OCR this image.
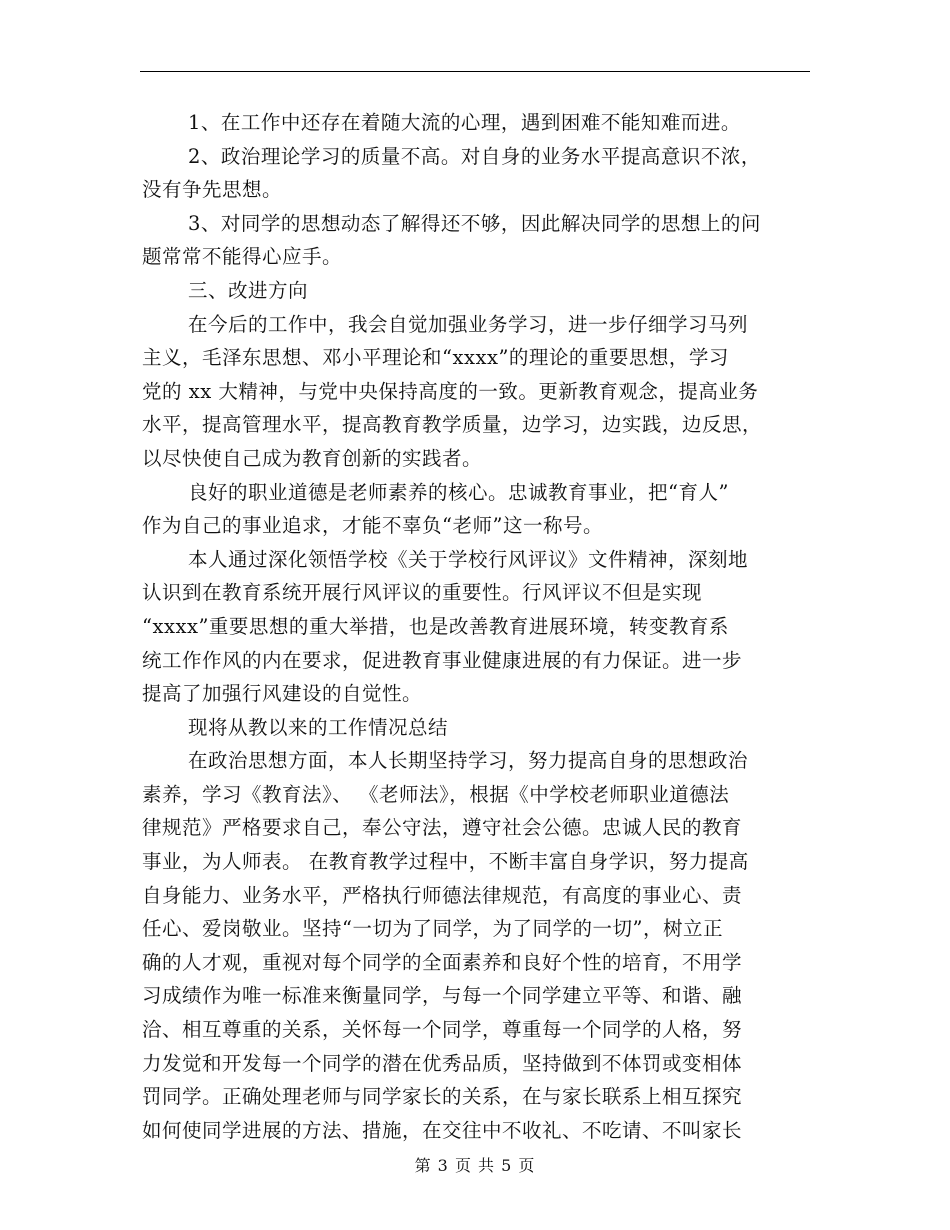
1、在工作中还存在着随大流的心理，遇到困难不能知难而进。
2、政治理论学习的质量不高。对自身的业务水平提高意识不浓，
没有争先思想。
3、对同学的思想动态了解得还不够，因此解决同学的思想上的问
题常常不能得心应手。
三、改进方向
在今后的工作中，我会自觉加强业务学习，进一步仔细学习马列
主义，毛泽东思想、邓小平理论和“xxxx”的理论的重要思想，学习
党的 xx 大精神，与党中央保持高度的一致。更新教育观念，提高业务
水平，提高管理水平，提高教育教学质量，边学习，边实践，边反思，
以尽快使自己成为教育创新的实践者。
良好的职业道德是老师素养的核心。忠诚教育事业，把“育人”
作为自己的事业追求，才能不辜负“老师”这一称号。
本人通过深化领悟学校《关于学校行风评议》文件精神，深刻地
认识到在教育系统开展行风评议的重要性。行风评议不但是实现
“xxxx”重要思想的重大举措，也是改善教育进展环境，转变教育系
统工作作风的内在要求，促进教育事业健康进展的有力保证。进一步
提高了加强行风建设的自觉性。
现将从教以来的工作情况总结
在政治思想方面，本人长期坚持学习，努力提高自身的思想政治
素养，学习《教育法》、 《老师法》，根据《中学校老师职业道德法
律规范》严格要求自己，奉公守法，遵守社会公德。忠诚人民的教育
事业，为人师表。 在教育教学过程中，不断丰富自身学识，努力提高
自身能力、业务水平，严格执行师德法律规范，有高度的事业心、责
任心、爱岗敬业。坚持“一切为了同学，为了同学的一切”，树立正
确的人才观，重视对每个同学的全面素养和良好个性的培育，不用学
习成绩作为唯一标准来衡量同学，与每一个同学建立平等、和谐、融
洽、相互尊重的关系，关怀每一个同学，尊重每一个同学的人格，努
力发觉和开发每一个同学的潜在优秀品质，坚持做到不体罚或变相体
罚同学。正确处理老师与同学家长的关系，在与家长联系上相互探究
如何使同学进展的方法、措施，在交往中不收礼、不吃请、不叫家长
第 3 页 共 5 页
